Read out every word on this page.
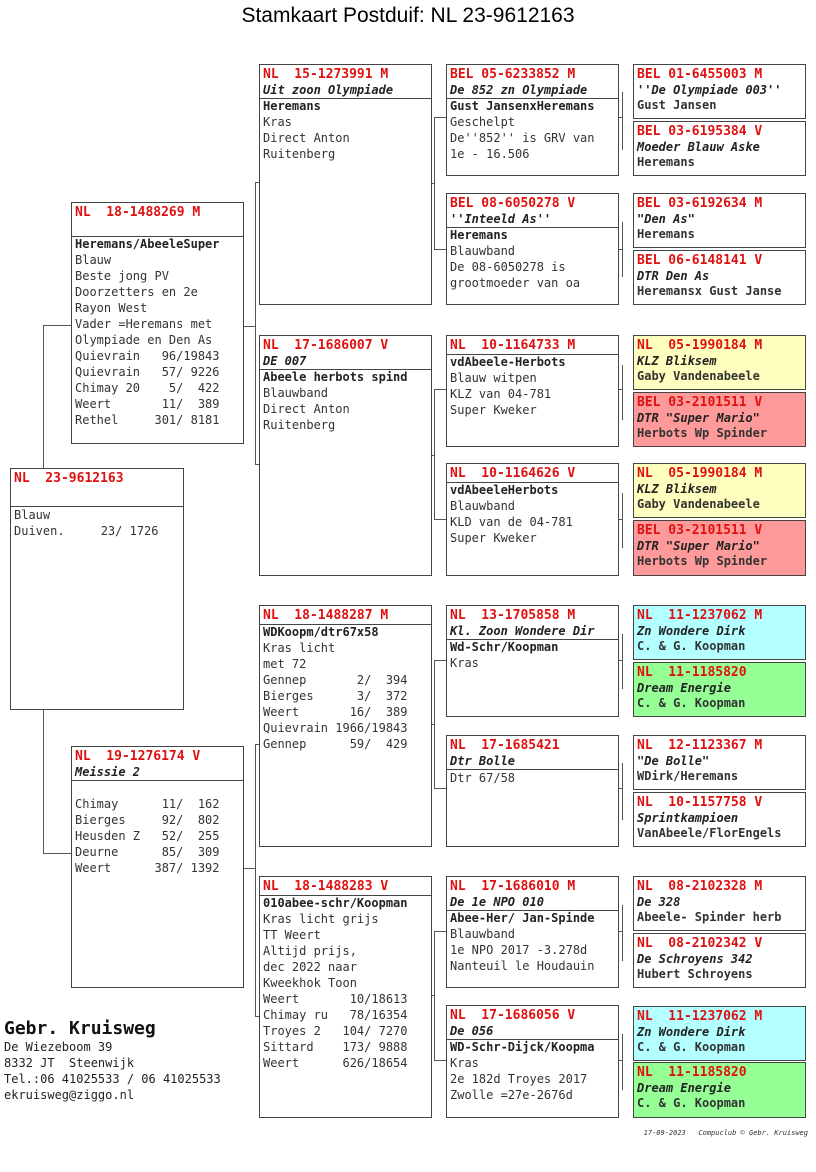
Stamkaart Postduif: NL 23-9612163
NL  23-9612163
Blauw
Duiven.     23/ 1726
NL  18-1488269 M

Heremans/AbeeleSuper
Blauw
Beste jong PV
Doorzetters en 2e
Rayon West
Vader =Heremans met
Olympiade en Den As
Quievrain   96/19843
Quievrain   57/ 9226
Chimay 20    5/  422
Weert       11/  389
Rethel     301/ 8181
NL  19-1276174 V
Meissie 2

Chimay      11/  162
Bierges     92/  802
Heusden Z   52/  255
Deurne      85/  309
Weert      387/ 1392
NL  15-1273991 M
Uit zoon Olympiade
Heremans
Kras
Direct Anton
Ruitenberg
NL  17-1686007 V
DE 007
Abeele herbots spind
Blauwband
Direct Anton
Ruitenberg
NL  18-1488287 M
WDKoopm/dtr67x58
Kras licht
met 72
Gennep       2/  394
Bierges      3/  372
Weert       16/  389
Quievrain 1966/19843
Gennep      59/  429
NL  18-1488283 V
010abee-schr/Koopman
Kras licht grijs
TT Weert
Altijd prijs,
dec 2022 naar
Kweekhok Toon
Weert       10/18613
Chimay ru   78/16354
Troyes 2   104/ 7270
Sittard    173/ 9888
Weert      626/18654
BEL 05-6233852 M
De 852 zn Olympiade
Gust JansenxHeremans
Geschelpt
De''852'' is GRV van
1e - 16.506
BEL 08-6050278 V
''Inteeld As''
Heremans
Blauwband
De 08-6050278 is
grootmoeder van oa
NL  10-1164733 M
vdAbeele-Herbots
Blauw witpen
KLZ van 04-781
Super Kweker
NL  10-1164626 V
vdAbeeleHerbots
Blauwband
KLD van de 04-781
Super Kweker
NL  13-1705858 M
Kl. Zoon Wondere Dir
Wd-Schr/Koopman
Kras
NL  17-1685421
Dtr Bolle
Dtr 67/58
NL  17-1686010 M
De 1e NPO 010
Abee-Her/ Jan-Spinde
Blauwband
1e NPO 2017 -3.278d
Nanteuil le Houdauin
NL  17-1686056 V
De 056
WD-Schr-Dijck/Koopma
Kras
2e 182d Troyes 2017
Zwolle =27e-2676d
BEL 01-6455003 M
''De Olympiade 003''
Gust Jansen
BEL 03-6195384 V
Moeder Blauw Aske
Heremans
BEL 03-6192634 M
"Den As"
Heremans
BEL 06-6148141 V
DTR Den As
Heremansx Gust Janse
NL  05-1990184 M
KLZ Bliksem
Gaby Vandenabeele
BEL 03-2101511 V
DTR "Super Mario"
Herbots Wp Spinder
NL  05-1990184 M
KLZ Bliksem
Gaby Vandenabeele
BEL 03-2101511 V
DTR "Super Mario"
Herbots Wp Spinder
NL  11-1237062 M
Zn Wondere Dirk
C. & G. Koopman
NL  11-1185820
Dream Energie
C. & G. Koopman
NL  12-1123367 M
"De Bolle"
WDirk/Heremans
NL  10-1157758 V
Sprintkampioen
VanAbeele/FlorEngels
NL  08-2102328 M
De 328
Abeele- Spinder herb
NL  08-2102342 V
De Schroyens 342
Hubert Schroyens
NL  11-1237062 M
Zn Wondere Dirk
C. & G. Koopman
NL  11-1185820
Dream Energie
C. & G. Koopman
Gebr. Kruisweg
De Wiezeboom 39
8332 JT  Steenwijk
Tel.:06 41025533 / 06 41025533
ekruisweg@ziggo.nl
17-09-2023   Compuclub © Gebr. Kruisweg
